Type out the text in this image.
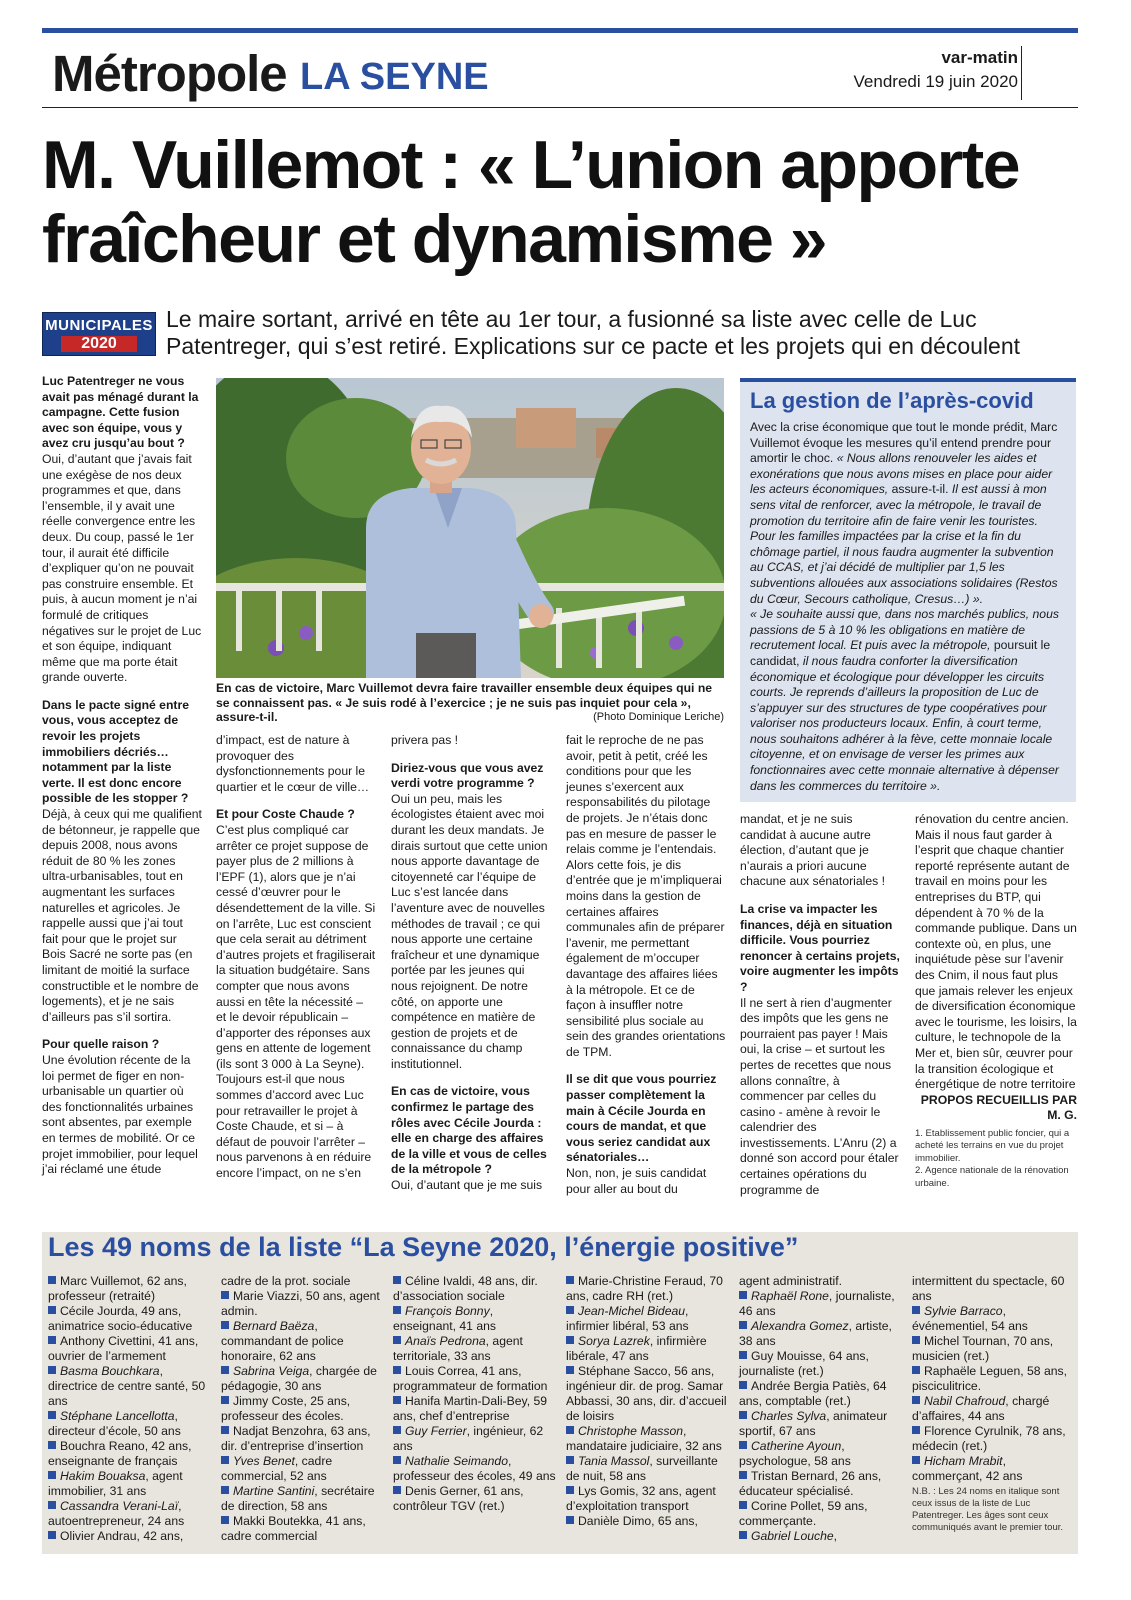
Métropole LA SEYNE	var-matin
Vendredi 19 juin 2020
M. Vuillemot : « L’union apporte fraîcheur et dynamisme »
MUNICIPALES
2020
Le maire sortant, arrivé en tête au 1er tour, a fusionné sa liste avec celle de Luc Patentreger, qui s’est retiré. Explications sur ce pacte et les projets qui en découlent

Luc Patentreger ne vous avait pas ménagé durant la campagne. Cette fusion avec son équipe, vous y avez cru jusqu’au bout ?

Oui, d’autant que j’avais fait une exégèse de nos deux programmes et que, dans l’ensemble, il y avait une réelle convergence entre les deux. Du coup, passé le 1er tour, il aurait été difficile d’expliquer qu’on ne pouvait pas construire ensemble. Et puis, à aucun moment je n’ai formulé de critiques négatives sur le projet de Luc et son équipe, indiquant même que ma porte était grande ouverte.

Dans le pacte signé entre vous, vous acceptez de revoir les projets immobiliers décriés… notamment par la liste verte. Il est donc encore possible de les stopper ?

Déjà, à ceux qui me qualifient de bétonneur, je rappelle que depuis 2008, nous avons réduit de 80 % les zones ultra-urbanisables, tout en augmentant les surfaces naturelles et agricoles. Je rappelle aussi que j’ai tout fait pour que le projet sur Bois Sacré ne sorte pas (en limitant de moitié la surface constructible et le nombre de logements), et je ne sais d’ailleurs pas s’il sortira.

Pour quelle raison ?

Une évolution récente de la loi permet de figer en non-urbanisable un quartier où des fonctionnalités urbaines sont absentes, par exemple en termes de mobilité. Or ce projet immobilier, pour lequel j’ai réclamé une étude

En cas de victoire, Marc Vuillemot devra faire travailler ensemble deux équipes qui ne se connaissent pas. « Je suis rodé à l’exercice ; je ne suis pas inquiet pour cela », assure-t-il.	(Photo Dominique Leriche)

d’impact, est de nature à provoquer des dysfonctionnements pour le quartier et le cœur de ville…

Et pour Coste Chaude ?

C’est plus compliqué car arrêter ce projet suppose de payer plus de 2 millions à l’EPF (1), alors que je n’ai cessé d’œuvrer pour le désendettement de la ville. Si on l’arrête, Luc est conscient que cela serait au détriment d’autres projets et fragiliserait la situation budgétaire. Sans compter que nous avons aussi en tête la nécessité – et le devoir républicain – d’apporter des réponses aux gens en attente de logement (ils sont 3 000 à La Seyne). Toujours est-il que nous sommes d’accord avec Luc pour retravailler le projet à Coste Chaude, et si – à défaut de pouvoir l’arrêter – nous parvenons à en réduire encore l’impact, on ne s’en

privera pas !

Diriez-vous que vous avez verdi votre programme ?

Oui un peu, mais les écologistes étaient avec moi durant les deux mandats. Je dirais surtout que cette union nous apporte davantage de citoyenneté car l’équipe de Luc s’est lancée dans l’aventure avec de nouvelles méthodes de travail ; ce qui nous apporte une certaine fraîcheur et une dynamique portée par les jeunes qui nous rejoignent. De notre côté, on apporte une compétence en matière de gestion de projets et de connaissance du champ institutionnel.

En cas de victoire, vous confirmez le partage des rôles avec Cécile Jourda : elle en charge des affaires de la ville et vous de celles de la métropole ?

Oui, d’autant que je me suis

fait le reproche de ne pas avoir, petit à petit, créé les conditions pour que les jeunes s’exercent aux responsabilités du pilotage de projets. Je n’étais donc pas en mesure de passer le relais comme je l’entendais. Alors cette fois, je dis d’entrée que je m’impliquerai moins dans la gestion de certaines affaires communales afin de préparer l’avenir, me permettant également de m’occuper davantage des affaires liées à la métropole. Et ce de façon à insuffler notre sensibilité plus sociale au sein des grandes orientations de TPM.

Il se dit que vous pourriez passer complètement la main à Cécile Jourda en cours de mandat, et que vous seriez candidat aux sénatoriales…

Non, non, je suis candidat pour aller au bout du

La gestion de l’après-covid
Avec la crise économique que tout le monde prédit, Marc Vuillemot évoque les mesures qu’il entend prendre pour amortir le choc. « Nous allons renouveler les aides et exonérations que nous avons mises en place pour aider les acteurs économiques, assure-t-il. Il est aussi à mon sens vital de renforcer, avec la métropole, le travail de promotion du territoire afin de faire venir les touristes. Pour les familles impactées par la crise et la fin du chômage partiel, il nous faudra augmenter la subvention au CCAS, et j’ai décidé de multiplier par 1,5 les subventions allouées aux associations solidaires (Restos du Cœur, Secours catholique, Cresus…) ».
« Je souhaite aussi que, dans nos marchés publics, nous passions de 5 à 10 % les obligations en matière de recrutement local. Et puis avec la métropole, poursuit le candidat, il nous faudra conforter la diversification économique et écologique pour développer les circuits courts. Je reprends d’ailleurs la proposition de Luc de s’appuyer sur des structures de type coopératives pour valoriser nos producteurs locaux. Enfin, à court terme, nous souhaitons adhérer à la fève, cette monnaie locale citoyenne, et on envisage de verser les primes aux fonctionnaires avec cette monnaie alternative à dépenser dans les commerces du territoire ».

mandat, et je ne suis candidat à aucune autre élection, d’autant que je n’aurais a priori aucune chacune aux sénatoriales !

La crise va impacter les finances, déjà en situation difficile. Vous pourriez renoncer à certains projets, voire augmenter les impôts ?

Il ne sert à rien d’augmenter des impôts que les gens ne pourraient pas payer ! Mais oui, la crise – et surtout les pertes de recettes que nous allons connaître, à commencer par celles du casino - amène à revoir le calendrier des investissements. L’Anru (2) a donné son accord pour étaler certaines opérations du programme de

rénovation du centre ancien. Mais il nous faut garder à l’esprit que chaque chantier reporté représente autant de travail en moins pour les entreprises du BTP, qui dépendent à 70 % de la commande publique. Dans un contexte où, en plus, une inquiétude pèse sur l’avenir des Cnim, il nous faut plus que jamais relever les enjeux de diversification économique avec le tourisme, les loisirs, la culture, le technopole de la Mer et, bien sûr, œuvrer pour la transition écologique et énergétique de notre territoire

PROPOS RECUEILLIS PAR M. G.

1. Etablissement public foncier, qui a acheté les terrains en vue du projet immobilier.
2. Agence nationale de la rénovation urbaine.
Les 49 noms de la liste “La Seyne 2020, l’énergie positive”
Marc Vuillemot, 62 ans, professeur (retraité)
Cécile Jourda, 49 ans, animatrice socio-éducative
Anthony Civettini, 41 ans, ouvrier de l’armement
Basma Bouchkara, directrice de centre santé, 50 ans
Stéphane Lancellotta, directeur d’école, 50 ans
Bouchra Reano, 42 ans, enseignante de français
Hakim Bouaksa, agent immobilier, 31 ans
Cassandra Verani-Laï, autoentrepreneur, 24 ans
Olivier Andrau, 42 ans,
cadre de la prot. sociale
Marie Viazzi, 50 ans, agent admin.
Bernard Baëza, commandant de police honoraire, 62 ans
Sabrina Veiga, chargée de pédagogie, 30 ans
Jimmy Coste, 25 ans, professeur des écoles.
Nadjat Benzohra, 63 ans, dir. d’entreprise d’insertion
Yves Benet, cadre commercial, 52 ans
Martine Santini, secrétaire de direction, 58 ans
Makki Boutekka, 41 ans, cadre commercial
Céline Ivaldi, 48 ans, dir. d’association sociale
François Bonny, enseignant, 41 ans
Anaïs Pedrona, agent territoriale, 33 ans
Louis Correa, 41 ans, programmateur de formation
Hanifa Martin-Dali-Bey, 59 ans, chef d’entreprise
Guy Ferrier, ingénieur, 62 ans
Nathalie Seimando, professeur des écoles, 49 ans
Denis Gerner, 61 ans, contrôleur TGV (ret.)
Marie-Christine Feraud, 70 ans, cadre RH (ret.)
Jean-Michel Bideau, infirmier libéral, 53 ans
Sorya Lazrek, infirmière libérale, 47 ans
Stéphane Sacco, 56 ans, ingénieur dir. de prog. Samar Abbassi, 30 ans, dir. d’accueil de loisirs
Christophe Masson, mandataire judiciaire, 32 ans
Tania Massol, surveillante de nuit, 58 ans
Lys Gomis, 32 ans, agent d’exploitation transport
Danièle Dimo, 65 ans,
agent administratif.
Raphaël Rone, journaliste, 46 ans
Alexandra Gomez, artiste, 38 ans
Guy Mouisse, 64 ans, journaliste (ret.)
Andrée Bergia Patiès, 64 ans, comptable (ret.)
Charles Sylva, animateur sportif, 67 ans
Catherine Ayoun, psychologue, 58 ans
Tristan Bernard, 26 ans, éducateur spécialisé.
Corine Pollet, 59 ans, commerçante.
Gabriel Louche,
intermittent du spectacle, 60 ans
Sylvie Barraco, événementiel, 54 ans
Michel Tournan, 70 ans, musicien (ret.)
Raphaële Leguen, 58 ans, pisciculitrice.
Nabil Chafroud, chargé d’affaires, 44 ans
Florence Cyrulnik, 78 ans, médecin (ret.)
Hicham Mrabit, commerçant, 42 ans
N.B. : Les 24 noms en italique sont ceux issus de la liste de Luc Patentreger. Les âges sont ceux communiqués avant le premier tour.
